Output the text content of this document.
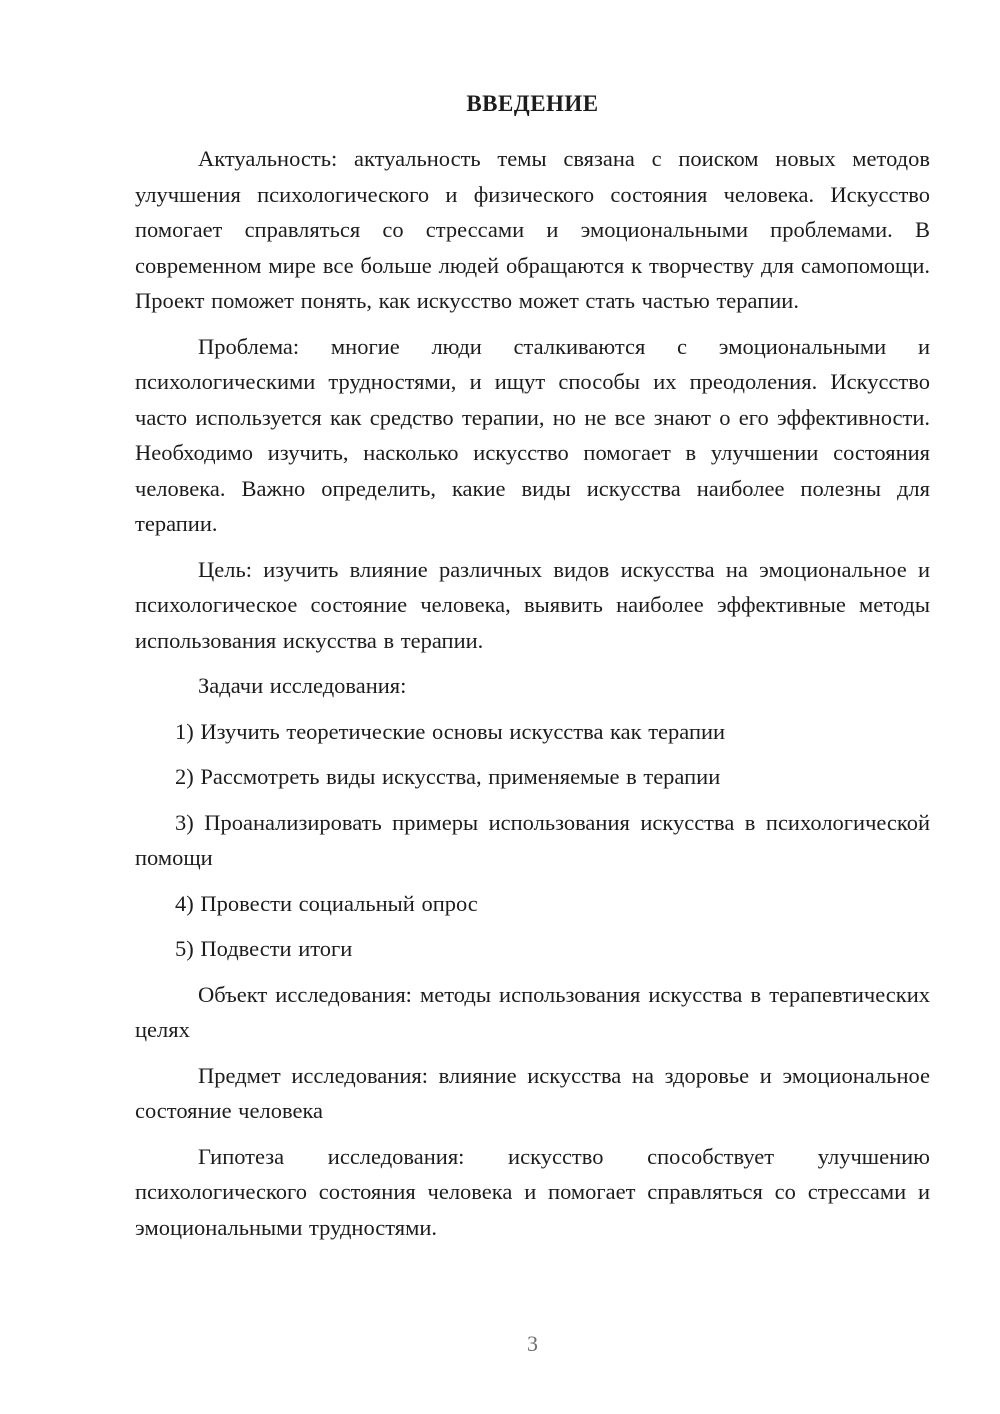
ВВЕДЕНИЕ

Актуальность: актуальность темы связана с поиском новых методов улучшения психологического и физического состояния человека. Искусство помогает справляться со стрессами и эмоциональными проблемами. В современном мире все больше людей обращаются к творчеству для самопомощи. Проект поможет понять, как искусство может стать частью терапии.

Проблема: многие люди сталкиваются с эмоциональными и психологическими трудностями, и ищут способы их преодоления. Искусство часто используется как средство терапии, но не все знают о его эффективности. Необходимо изучить, насколько искусство помогает в улучшении состояния человека. Важно определить, какие виды искусства наиболее полезны для терапии.

Цель: изучить влияние различных видов искусства на эмоциональное и психологическое состояние человека, выявить наиболее эффективные методы использования искусства в терапии.

Задачи исследования:

1) Изучить теоретические основы искусства как терапии

2) Рассмотреть виды искусства, применяемые в терапии

3) Проанализировать примеры использования искусства в психологической помощи

4) Провести социальный опрос

5) Подвести итоги

Объект исследования: методы использования искусства в терапевтических целях

Предмет исследования: влияние искусства на здоровье и эмоциональное состояние человека

Гипотеза исследования: искусство способствует улучшению психологического состояния человека и помогает справляться со стрессами и эмоциональными трудностями.

3
